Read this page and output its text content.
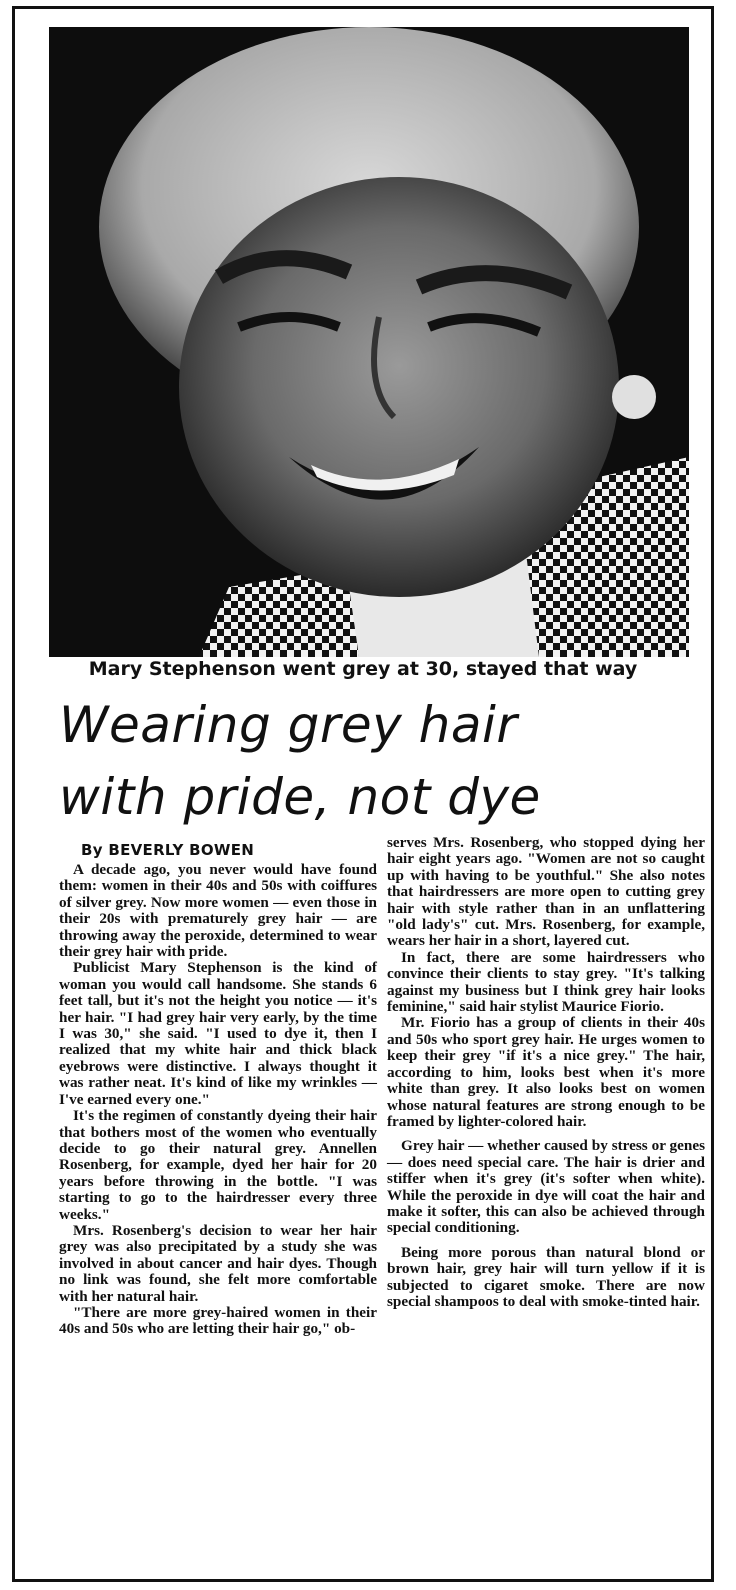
Mary Stephenson went grey at 30, stayed that way
Wearing grey hair
with pride, not dye
By BEVERLY BOWEN

A decade ago, you never would have found them: women in their 40s and 50s with coiffures of silver grey. Now more women — even those in their 20s with prematurely grey hair — are throwing away the peroxide, determined to wear their grey hair with pride.

Publicist Mary Stephenson is the kind of woman you would call handsome. She stands 6 feet tall, but it's not the height you notice — it's her hair. "I had grey hair very early, by the time I was 30," she said. "I used to dye it, then I realized that my white hair and thick black eyebrows were distinctive. I always thought it was rather neat. It's kind of like my wrinkles — I've earned every one."

It's the regimen of constantly dyeing their hair that bothers most of the women who eventually decide to go their natural grey. Annellen Rosenberg, for example, dyed her hair for 20 years before throwing in the bottle. "I was starting to go to the hairdresser every three weeks."

Mrs. Rosenberg's decision to wear her hair grey was also precipitated by a study she was involved in about cancer and hair dyes. Though no link was found, she felt more comfortable with her natural hair.

"There are more grey-haired women in their 40s and 50s who are letting their hair go," ob-

serves Mrs. Rosenberg, who stopped dying her hair eight years ago. "Women are not so caught up with having to be youthful." She also notes that hairdressers are more open to cutting grey hair with style rather than in an unflattering "old lady's" cut. Mrs. Rosenberg, for example, wears her hair in a short, layered cut.

In fact, there are some hairdressers who convince their clients to stay grey. "It's talking against my business but I think grey hair looks feminine," said hair stylist Maurice Fiorio.

Mr. Fiorio has a group of clients in their 40s and 50s who sport grey hair. He urges women to keep their grey "if it's a nice grey." The hair, according to him, looks best when it's more white than grey. It also looks best on women whose natural features are strong enough to be framed by lighter-colored hair.

Grey hair — whether caused by stress or genes — does need special care. The hair is drier and stiffer when it's grey (it's softer when white). While the peroxide in dye will coat the hair and make it softer, this can also be achieved through special conditioning.

Being more porous than natural blond or brown hair, grey hair will turn yellow if it is subjected to cigaret smoke. There are now special shampoos to deal with smoke-tinted hair.
